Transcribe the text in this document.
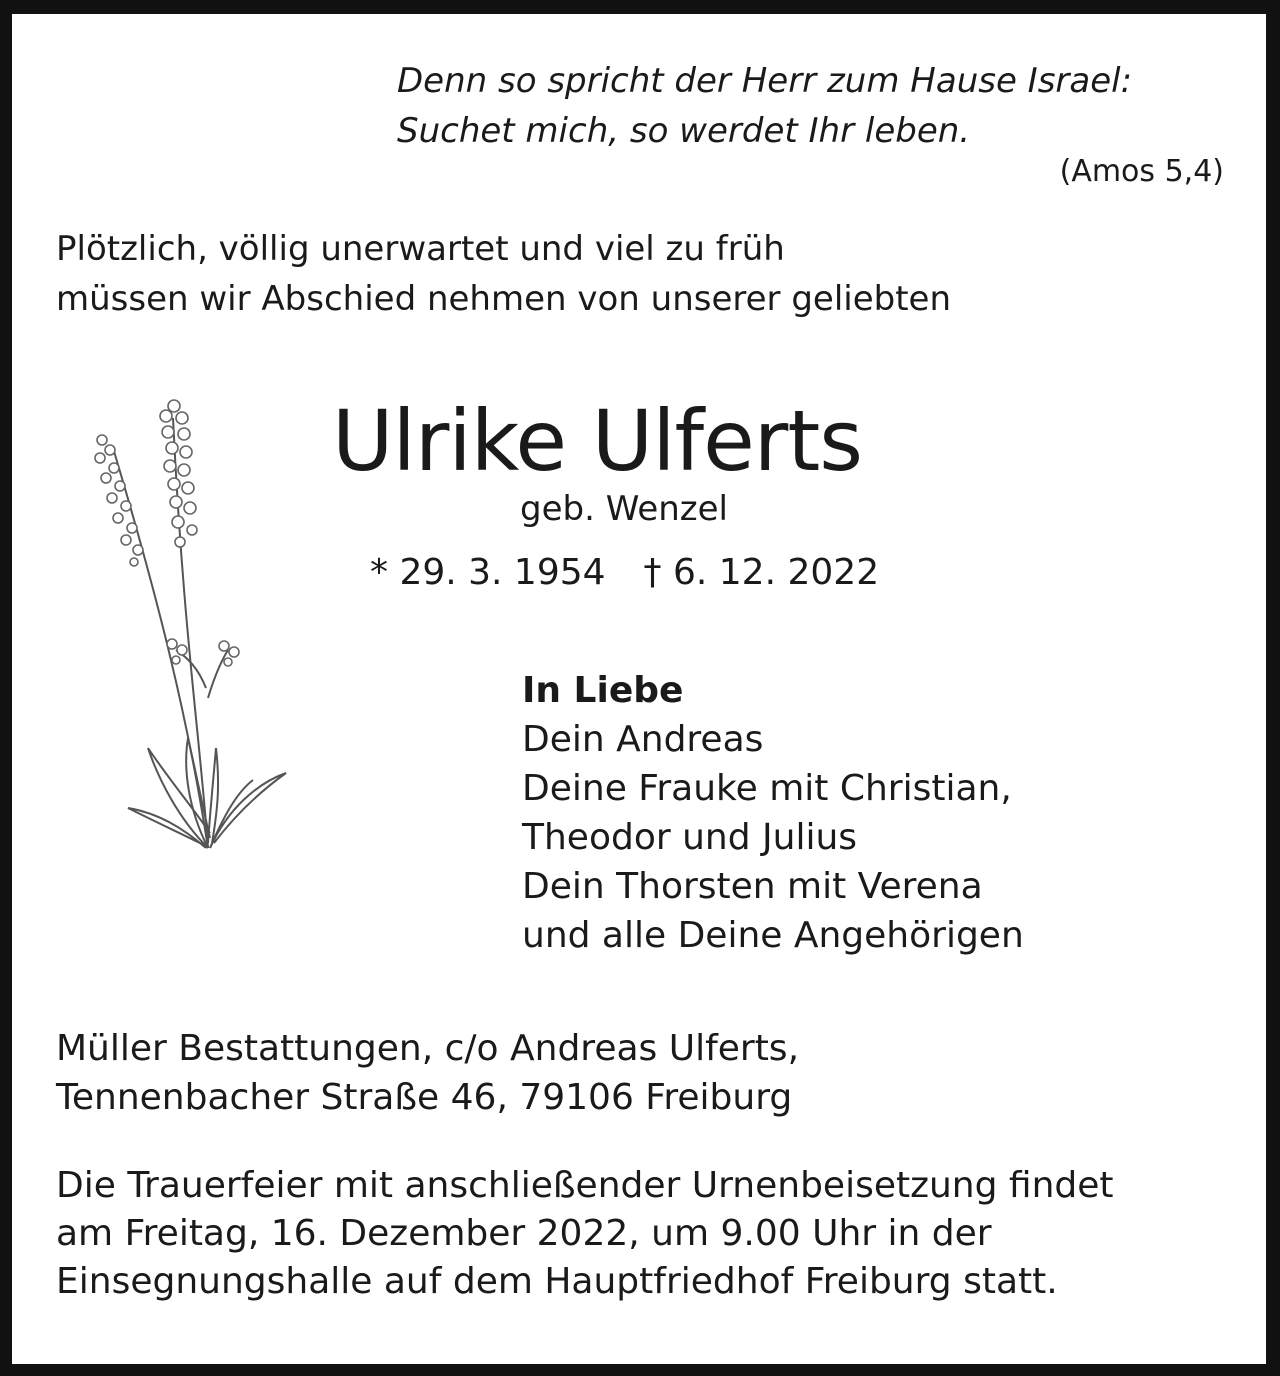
Denn so spricht der Herr zum Hause Israel:

Suchet mich, so werdet Ihr leben.

(Amos 5,4)

Plötzlich, völlig unerwartet und viel zu früh

müssen wir Abschied nehmen von unserer geliebten

Ulrike Ulferts

geb. Wenzel

* 29. 3. 1954 † 6. 12. 2022

In Liebe

Dein Andreas

Deine Frauke mit Christian,

Theodor und Julius

Dein Thorsten mit Verena

und alle Deine Angehörigen

Müller Bestattungen, c/o Andreas Ulferts,

Tennenbacher Straße 46, 79106 Freiburg

Die Trauerfeier mit anschließender Urnenbeisetzung findet

am Freitag, 16. Dezember 2022, um 9.00 Uhr in der

Einsegnungshalle auf dem Hauptfriedhof Freiburg statt.
